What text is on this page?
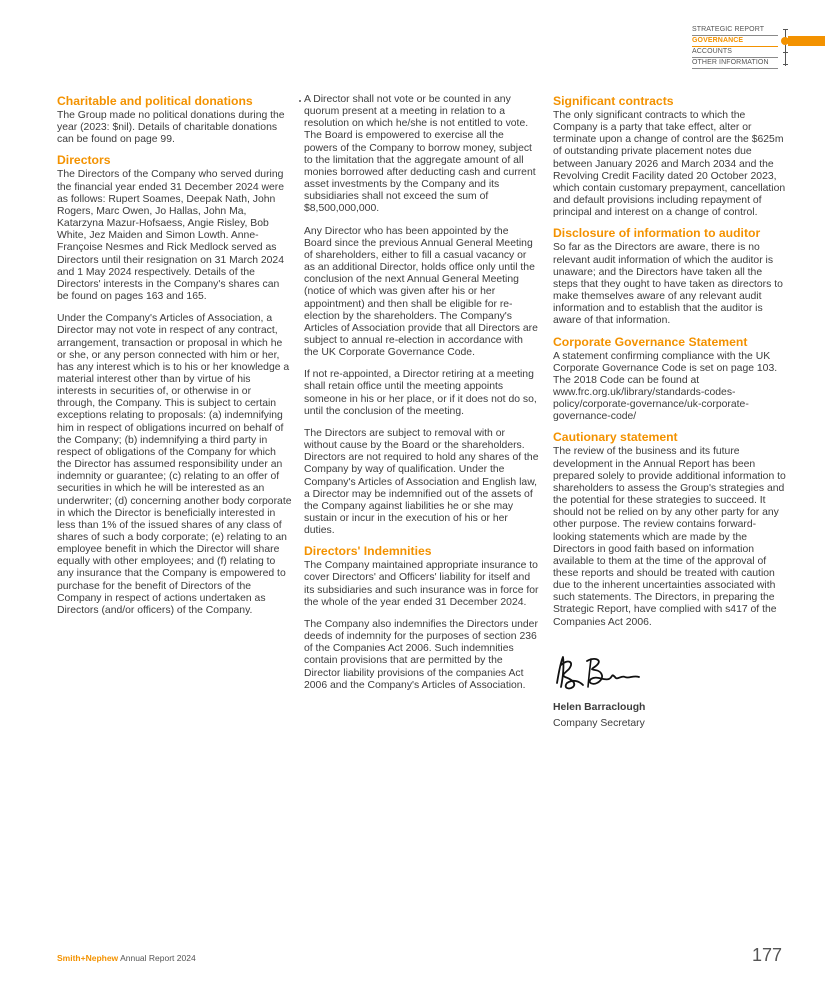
STRATEGIC REPORT
GOVERNANCE
ACCOUNTS
OTHER INFORMATION
Charitable and political donations

The Group made no political donations during the year (2023: $nil). Details of charitable donations can be found on page 99.

Directors

The Directors of the Company who served during the financial year ended 31 December 2024 were as follows: Rupert Soames, Deepak Nath, John Rogers, Marc Owen, Jo Hallas, John Ma, Katarzyna Mazur-Hofsaess, Angie Risley, Bob White, Jez Maiden and Simon Lowth. Anne-Françoise Nesmes and Rick Medlock served as Directors until their resignation on 31 March 2024 and 1 May 2024 respectively. Details of the Directors' interests in the Company's shares can be found on pages 163 and 165.

Under the Company's Articles of Association, a Director may not vote in respect of any contract, arrangement, transaction or proposal in which he or she, or any person connected with him or her, has any interest which is to his or her knowledge a material interest other than by virtue of his interests in securities of, or otherwise in or through, the Company. This is subject to certain exceptions relating to proposals: (a) indemnifying him in respect of obligations incurred on behalf of the Company; (b) indemnifying a third party in respect of obligations of the Company for which the Director has assumed responsibility under an indemnity or guarantee; (c) relating to an offer of securities in which he will be interested as an underwriter; (d) concerning another body corporate in which the Director is beneficially interested in less than 1% of the issued shares of any class of shares of such a body corporate; (e) relating to an employee benefit in which the Director will share equally with other employees; and (f) relating to any insurance that the Company is empowered to purchase for the benefit of Directors of the Company in respect of actions undertaken as Directors (and/or officers) of the Company.

A Director shall not vote or be counted in any quorum present at a meeting in relation to a resolution on which he/she is not entitled to vote. The Board is empowered to exercise all the powers of the Company to borrow money, subject to the limitation that the aggregate amount of all monies borrowed after deducting cash and current asset investments by the Company and its subsidiaries shall not exceed the sum of $8,500,000,000.

Any Director who has been appointed by the Board since the previous Annual General Meeting of shareholders, either to fill a casual vacancy or as an additional Director, holds office only until the conclusion of the next Annual General Meeting (notice of which was given after his or her appointment) and then shall be eligible for re-election by the shareholders. The Company's Articles of Association provide that all Directors are subject to annual re-election in accordance with the UK Corporate Governance Code.

If not re-appointed, a Director retiring at a meeting shall retain office until the meeting appoints someone in his or her place, or if it does not do so, until the conclusion of the meeting.

The Directors are subject to removal with or without cause by the Board or the shareholders. Directors are not required to hold any shares of the Company by way of qualification. Under the Company's Articles of Association and English law, a Director may be indemnified out of the assets of the Company against liabilities he or she may sustain or incur in the execution of his or her duties.

Directors' Indemnities

The Company maintained appropriate insurance to cover Directors' and Officers' liability for itself and its subsidiaries and such insurance was in force for the whole of the year ended 31 December 2024.

The Company also indemnifies the Directors under deeds of indemnity for the purposes of section 236 of the Companies Act 2006. Such indemnities contain provisions that are permitted by the Director liability provisions of the companies Act 2006 and the Company's Articles of Association.

Significant contracts

The only significant contracts to which the Company is a party that take effect, alter or terminate upon a change of control are the $625m of outstanding private placement notes due between January 2026 and March 2034 and the Revolving Credit Facility dated 20 October 2023, which contain customary prepayment, cancellation and default provisions including repayment of principal and interest on a change of control.

Disclosure of information to auditor

So far as the Directors are aware, there is no relevant audit information of which the auditor is unaware; and the Directors have taken all the steps that they ought to have taken as directors to make themselves aware of any relevant audit information and to establish that the auditor is aware of that information.

Corporate Governance Statement

A statement confirming compliance with the UK Corporate Governance Code is set on page 103. The 2018 Code can be found at www.frc.org.uk/library/standards-codes-policy/corporate-governance/uk-corporate-governance-code/

Cautionary statement

The review of the business and its future development in the Annual Report has been prepared solely to provide additional information to shareholders to assess the Group's strategies and the potential for these strategies to succeed. It should not be relied on by any other party for any other purpose. The review contains forward-looking statements which are made by the Directors in good faith based on information available to them at the time of the approval of these reports and should be treated with caution due to the inherent uncertainties associated with such statements. The Directors, in preparing the Strategic Report, have complied with s417 of the Companies Act 2006.

Helen Barraclough
Company Secretary
Smith+Nephew Annual Report 2024	177
